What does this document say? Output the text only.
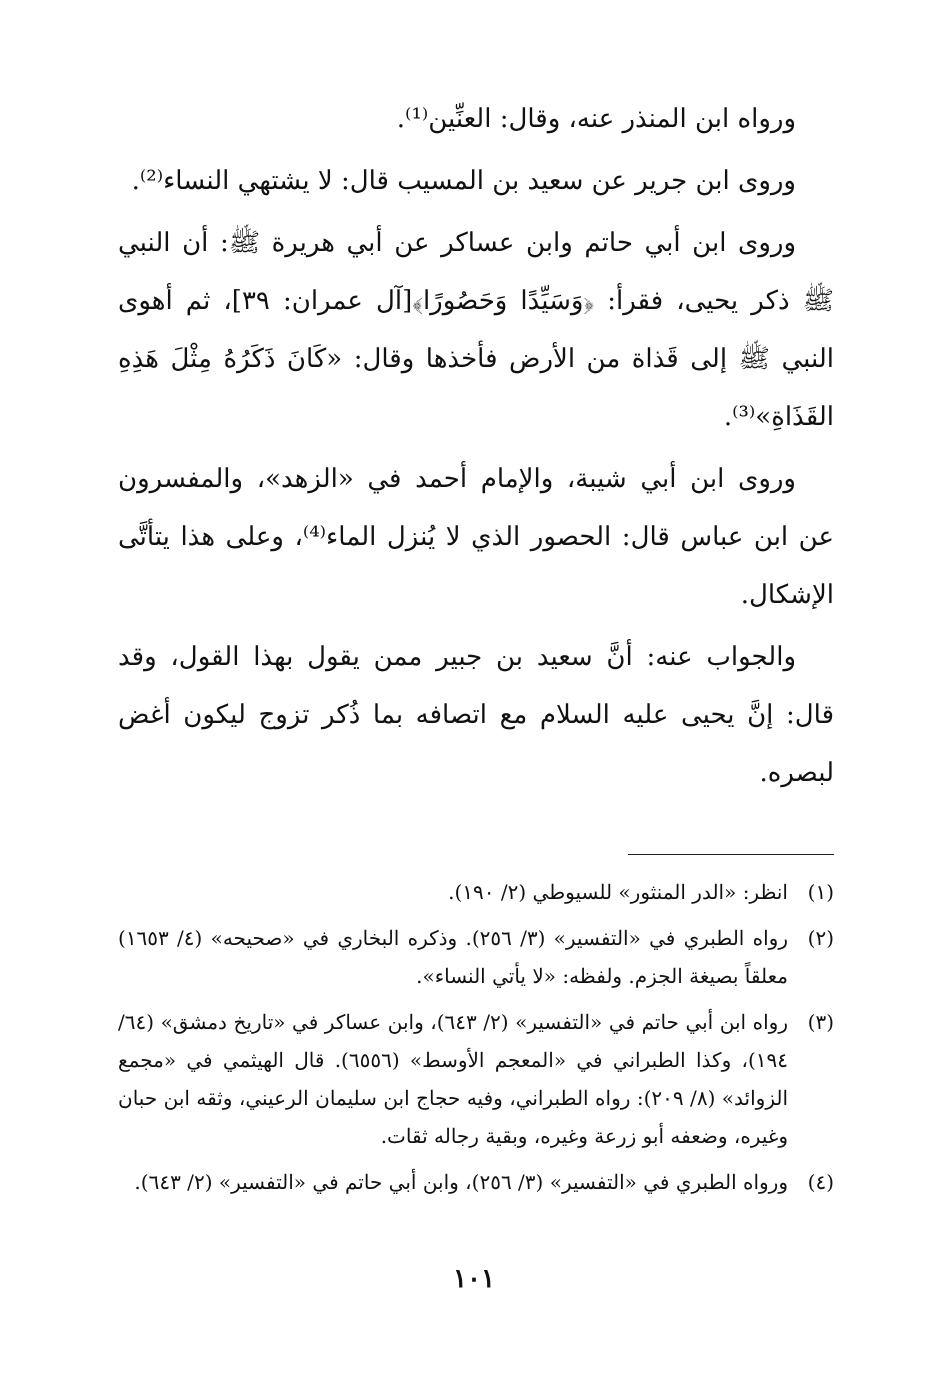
ورواه ابن المنذر عنه، وقال: العنِّين⁽¹⁾.

وروى ابن جرير عن سعيد بن المسيب قال: لا يشتهي النساء⁽²⁾.

وروى ابن أبي حاتم وابن عساكر عن أبي هريرة ﷺ: أن النبي ﷺ ذكر يحيى، فقرأ: ﴿وَسَيِّدًا وَحَصُورًا﴾[آل عمران: ٣٩]، ثم أهوى النبي ﷺ إلى قَذاة من الأرض فأخذها وقال: «كَانَ ذَكَرُهُ مِثْلَ هَذِهِ القَذَاةِ»⁽³⁾.

وروى ابن أبي شيبة، والإمام أحمد في «الزهد»، والمفسرون عن ابن عباس قال: الحصور الذي لا يُنزل الماء⁽⁴⁾، وعلى هذا يتأتَّى الإشكال.

والجواب عنه: أنَّ سعيد بن جبير ممن يقول بهذا القول، وقد قال: إنَّ يحيى عليه السلام مع اتصافه بما ذُكر تزوج ليكون أغض لبصره.

(١)
انظر: «الدر المنثور» للسيوطي (٢/ ١٩٠).
(٢)
رواه الطبري في «التفسير» (٣/ ٢٥٦). وذكره البخاري في «صحيحه» (٤/ ١٦٥٣) معلقاً بصيغة الجزم. ولفظه: «لا يأتي النساء».
(٣)
رواه ابن أبي حاتم في «التفسير» (٢/ ٦٤٣)، وابن عساكر في «تاريخ دمشق» (٦٤/ ١٩٤)، وكذا الطبراني في «المعجم الأوسط» (٦٥٥٦). قال الهيثمي في «مجمع الزوائد» (٨/ ٢٠٩): رواه الطبراني، وفيه حجاج ابن سليمان الرعيني، وثقه ابن حبان وغيره، وضعفه أبو زرعة وغيره، وبقية رجاله ثقات.
(٤)
ورواه الطبري في «التفسير» (٣/ ٢٥٦)، وابن أبي حاتم في «التفسير» (٢/ ٦٤٣).
١٠١
